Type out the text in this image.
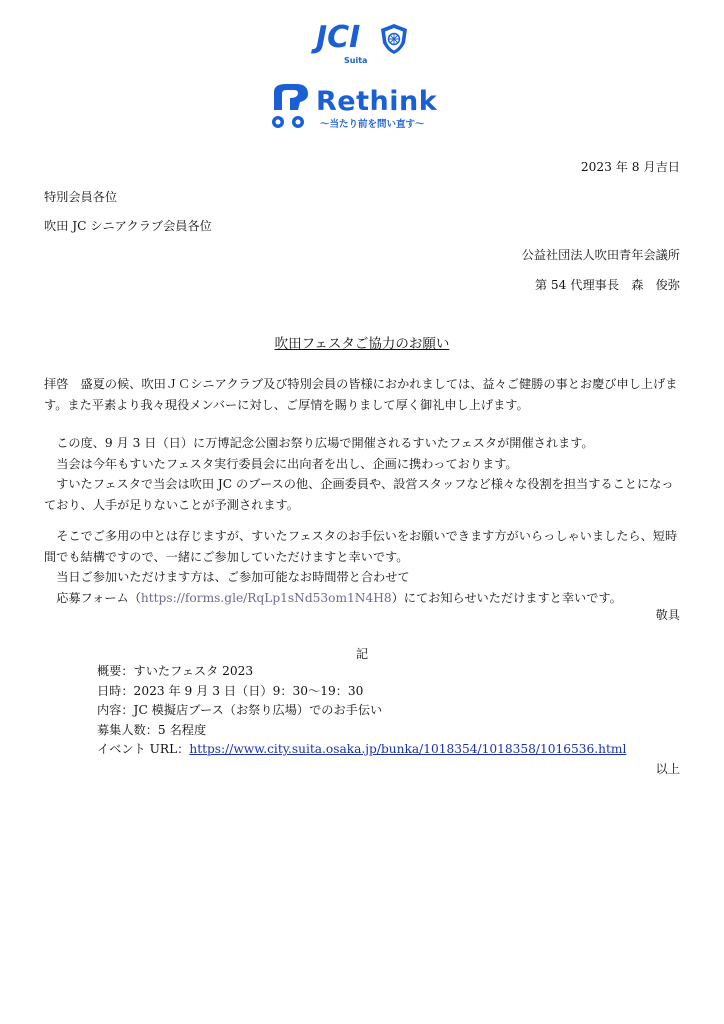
JCI
Suita
Rethink
〜当たり前を問い直す〜
2023 年 8 月吉日
特別会員各位
吹田 JC シニアクラブ会員各位
公益社団法人吹田青年会議所
第 54 代理事長　森　俊弥
吹田フェスタご協力のお願い

拝啓　盛夏の候、吹田ＪＣシニアクラブ及び特別会員の皆様におかれましては、益々ご健勝の事とお慶び申し上げま

す。また平素より我々現役メンバーに対し、ご厚情を賜りまして厚く御礼申し上げます。

この度、9 月 3 日（日）に万博記念公園お祭り広場で開催されるすいたフェスタが開催されます。

当会は今年もすいたフェスタ実行委員会に出向者を出し、企画に携わっております。

すいたフェスタで当会は吹田 JC のブースの他、企画委員や、設営スタッフなど様々な役割を担当することになっ

ており、人手が足りないことが予測されます。

そこでご多用の中とは存じますが、すいたフェスタのお手伝いをお願いできます方がいらっしゃいましたら、短時

間でも結構ですので、一緒にご参加していただけますと幸いです。

当日ご参加いただけます方は、ご参加可能なお時間帯と合わせて

応募フォーム（https://forms.gle/RqLp1sNd53om1N4H8）にてお知らせいただけますと幸いです。

敬具
記
概要：すいたフェスタ 2023
日時：2023 年 9 月 3 日（日）9：30〜19：30
内容：JC 模擬店ブース（お祭り広場）でのお手伝い
募集人数：5 名程度
イベント URL：https://www.city.suita.osaka.jp/bunka/1018354/1018358/1016536.html
以上
